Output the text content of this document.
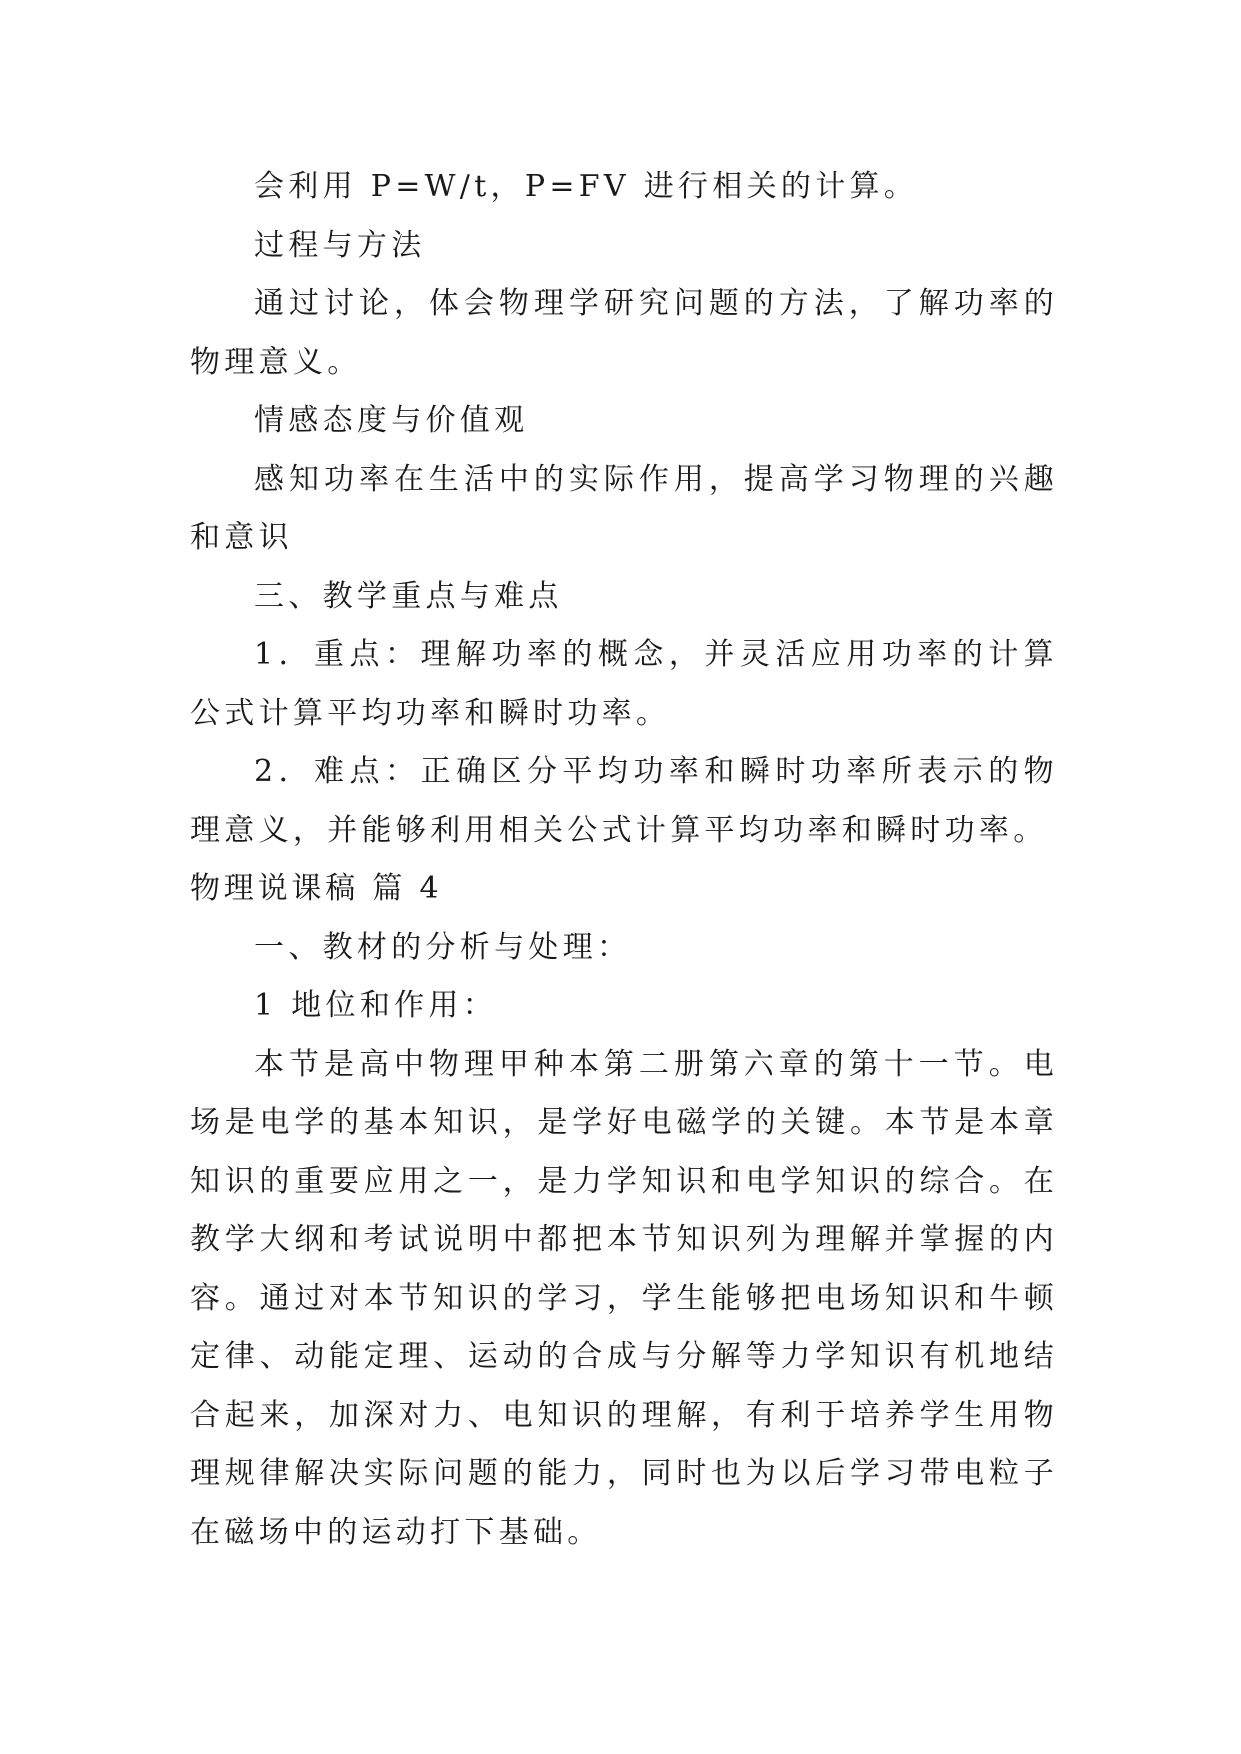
会利用 P=W/t，P=FV 进行相关的计算。

过程与方法

通过讨论，体会物理学研究问题的方法，了解功率的物理意义。

情感态度与价值观

感知功率在生活中的实际作用，提高学习物理的兴趣和意识

三、教学重点与难点

1．重点：理解功率的概念，并灵活应用功率的计算公式计算平均功率和瞬时功率。

2．难点：正确区分平均功率和瞬时功率所表示的物理意义，并能够利用相关公式计算平均功率和瞬时功率。

物理说课稿 篇 4

一、教材的分析与处理：

1 地位和作用：

本节是高中物理甲种本第二册第六章的第十一节。电场是电学的基本知识，是学好电磁学的关键。本节是本章知识的重要应用之一，是力学知识和电学知识的综合。在教学大纲和考试说明中都把本节知识列为理解并掌握的内容。通过对本节知识的学习，学生能够把电场知识和牛顿定律、动能定理、运动的合成与分解等力学知识有机地结合起来，加深对力、电知识的理解，有利于培养学生用物理规律解决实际问题的能力，同时也为以后学习带电粒子在磁场中的运动打下基础。
